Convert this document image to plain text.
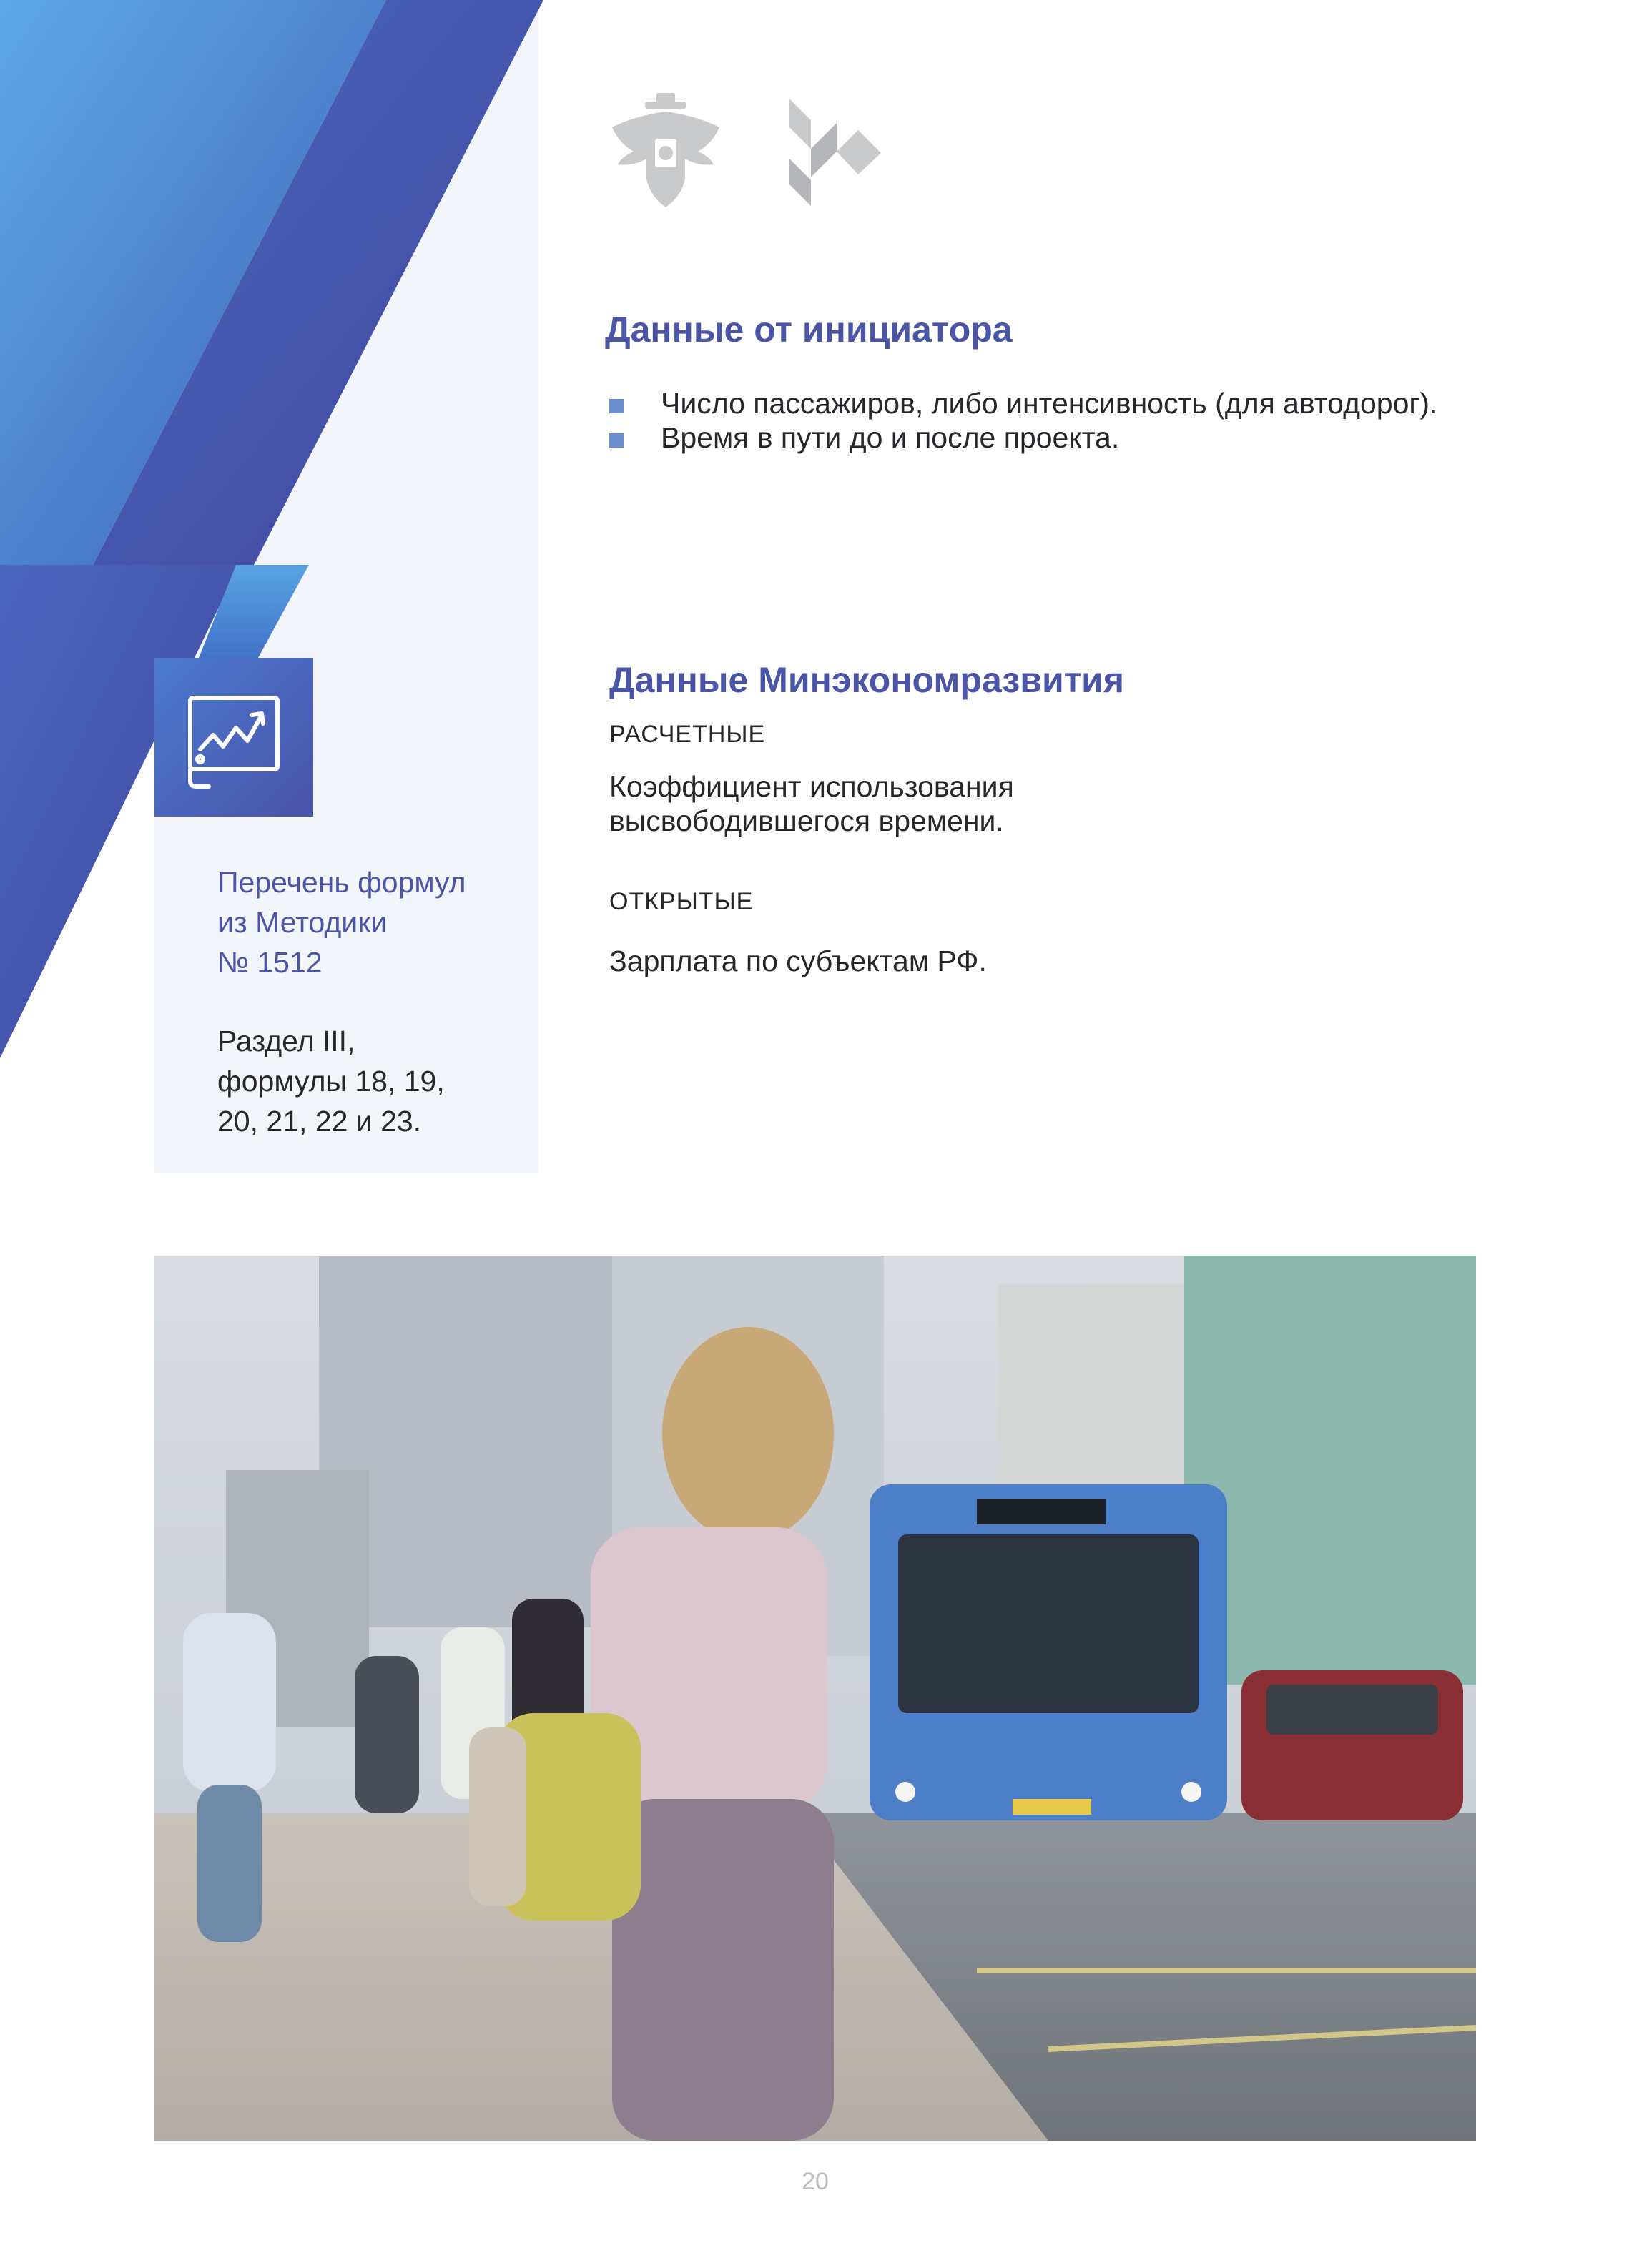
Данные от инициатора
Число пассажиров, либо интенсивность (для автодорог).
Время в пути до и после проекта.
Данные Минэкономразвития
РАСЧЕТНЫЕ
Коэффициент использования
высвободившегося времени.
ОТКРЫТЫЕ
Зарплата по субъектам РФ.
Перечень формул
из Методики
№ 1512
Раздел III,
формулы 18, 19,
20, 21, 22 и 23.
20
